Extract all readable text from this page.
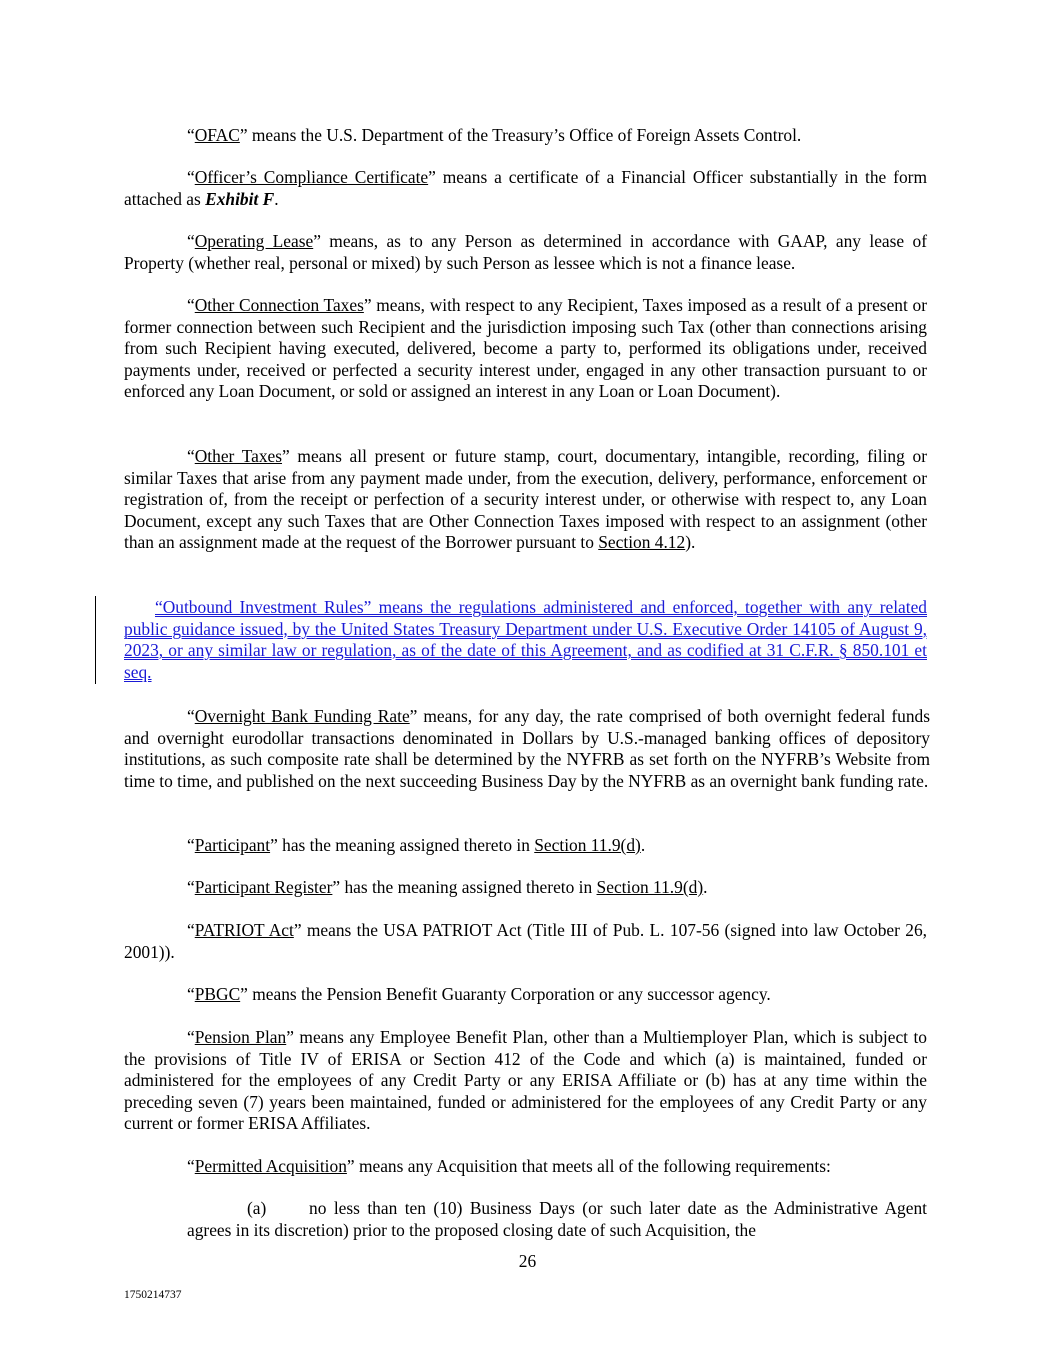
“OFAC” means the U.S. Department of the Treasury’s Office of Foreign Assets Control.

“Officer’s Compliance Certificate” means a certificate of a Financial Officer substantially in the form attached as Exhibit F.

“Operating Lease” means, as to any Person as determined in accordance with GAAP, any lease of Property (whether real, personal or mixed) by such Person as lessee which is not a finance lease.

“Other Connection Taxes” means, with respect to any Recipient, Taxes imposed as a result of a present or former connection between such Recipient and the jurisdiction imposing such Tax (other than connections arising from such Recipient having executed, delivered, become a party to, performed its obligations under, received payments under, received or perfected a security interest under, engaged in any other transaction pursuant to or enforced any Loan Document, or sold or assigned an interest in any Loan or Loan Document).

“Other Taxes” means all present or future stamp, court, documentary, intangible, recording, filing or similar Taxes that arise from any payment made under, from the execution, delivery, performance, enforcement or registration of, from the receipt or perfection of a security interest under, or otherwise with respect to, any Loan Document, except any such Taxes that are Other Connection Taxes imposed with respect to an assignment (other than an assignment made at the request of the Borrower pursuant to Section 4.12).

“Outbound Investment Rules” means the regulations administered and enforced, together with any related public guidance issued, by the United States Treasury Department under U.S. Executive Order 14105 of August 9, 2023, or any similar law or regulation, as of the date of this Agreement, and as codified at 31 C.F.R. § 850.101 et seq.

“Overnight Bank Funding Rate” means, for any day, the rate comprised of both overnight federal funds and overnight eurodollar transactions denominated in Dollars by U.S.-managed banking offices of depository institutions, as such composite rate shall be determined by the NYFRB as set forth on the NYFRB’s Website from time to time, and published on the next succeeding Business Day by the NYFRB as an overnight bank funding rate.

“Participant” has the meaning assigned thereto in Section 11.9(d).

“Participant Register” has the meaning assigned thereto in Section 11.9(d).

“PATRIOT Act” means the USA PATRIOT Act (Title III of Pub. L. 107-56 (signed into law October 26, 2001)).

“PBGC” means the Pension Benefit Guaranty Corporation or any successor agency.

“Pension Plan” means any Employee Benefit Plan, other than a Multiemployer Plan, which is subject to the provisions of Title IV of ERISA or Section 412 of the Code and which (a) is maintained, funded or administered for the employees of any Credit Party or any ERISA Affiliate or (b) has at any time within the preceding seven (7) years been maintained, funded or administered for the employees of any Credit Party or any current or former ERISA Affiliates.

“Permitted Acquisition” means any Acquisition that meets all of the following requirements:

(a) no less than ten (10) Business Days (or such later date as the Administrative Agent agrees in its discretion) prior to the proposed closing date of such Acquisition, the

26
1750214737
